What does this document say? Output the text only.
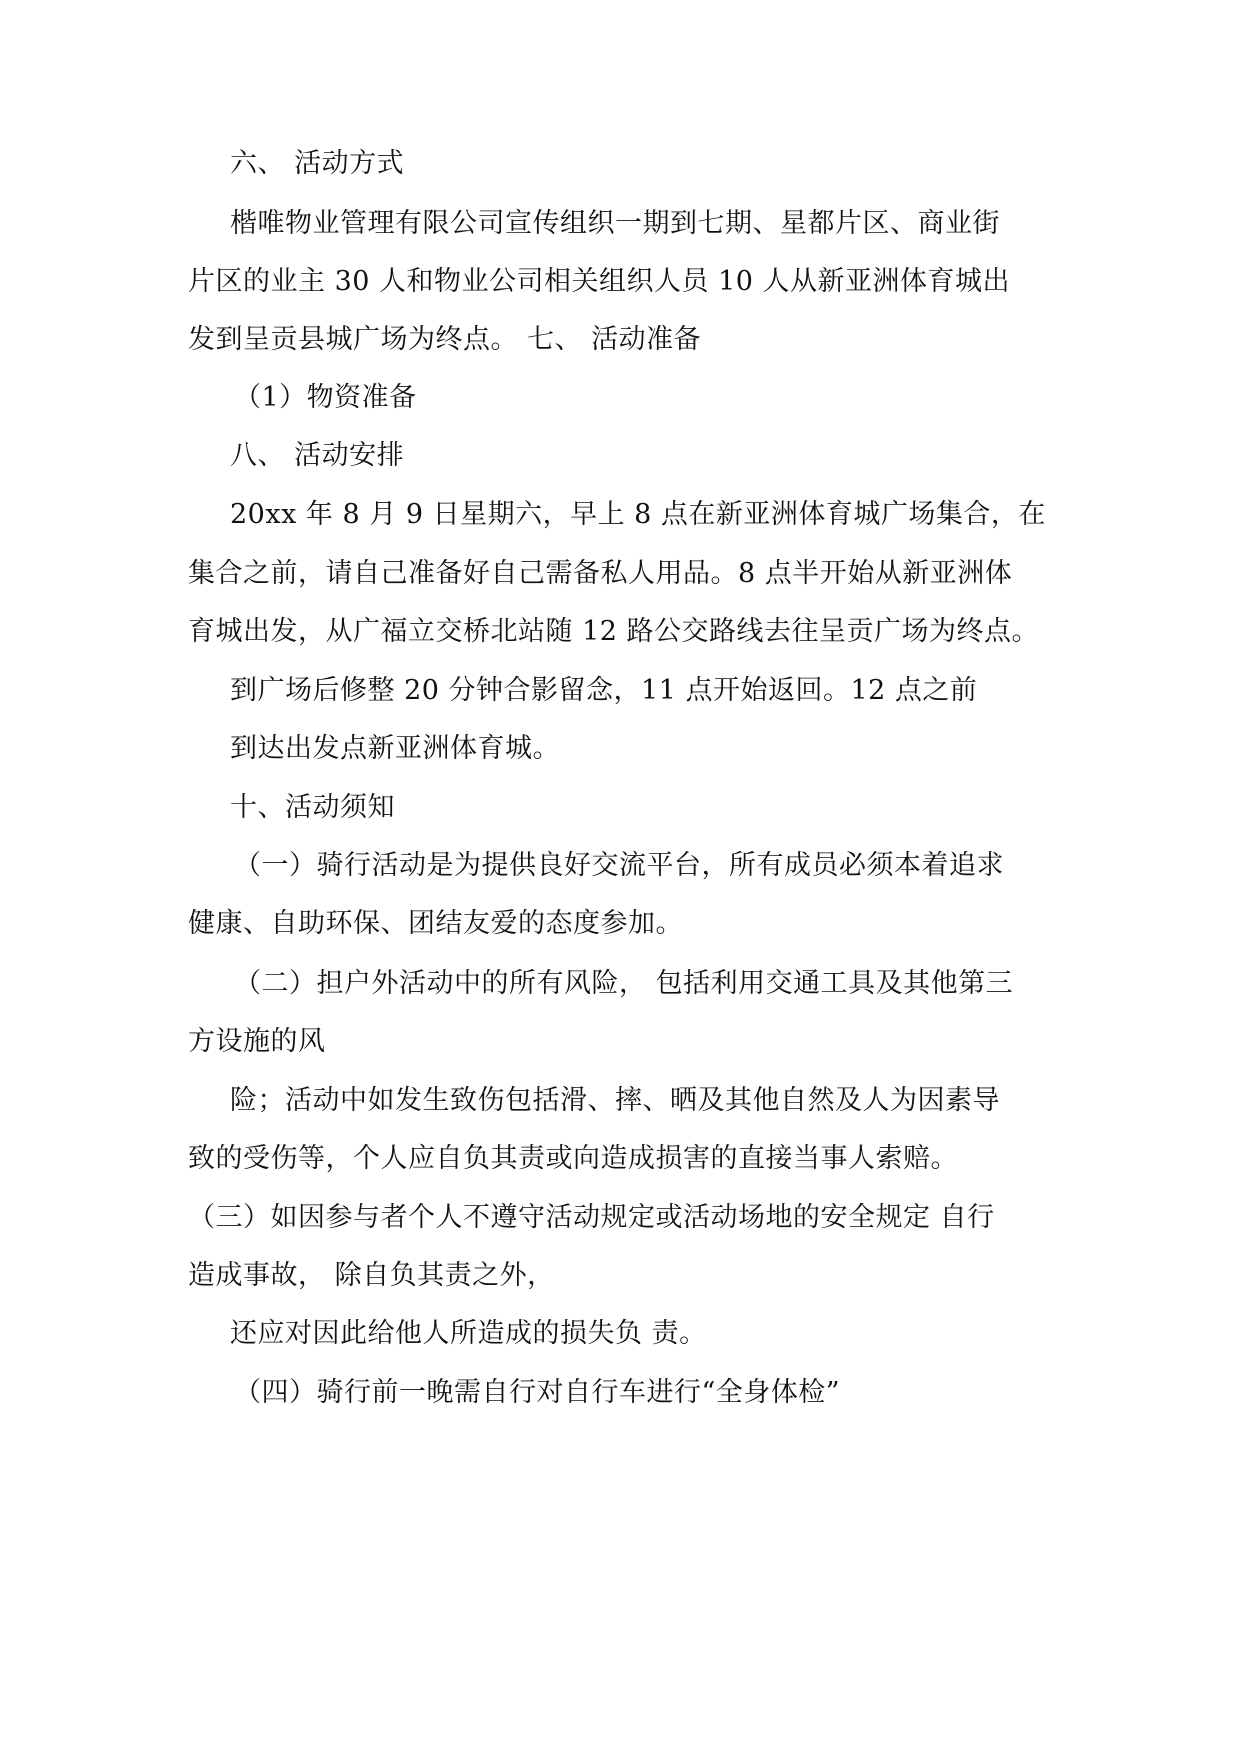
六、 活动方式
楷唯物业管理有限公司宣传组织一期到七期、星都片区、商业街
片区的业主 30 人和物业公司相关组织人员 10 人从新亚洲体育城出
发到呈贡县城广场为终点。 七、 活动准备
（1）物资准备
八、 活动安排
20xx 年 8 月 9 日星期六，早上 8 点在新亚洲体育城广场集合，在
集合之前，请自己准备好自己需备私人用品。8 点半开始从新亚洲体
育城出发，从广福立交桥北站随 12 路公交路线去往呈贡广场为终点。
到广场后修整 20 分钟合影留念，11 点开始返回。12 点之前
到达出发点新亚洲体育城。
十、活动须知
（一）骑行活动是为提供良好交流平台，所有成员必须本着追求
健康、自助环保、团结友爱的态度参加。
（二）担户外活动中的所有风险， 包括利用交通工具及其他第三
方设施的风
险；活动中如发生致伤包括滑、摔、晒及其他自然及人为因素导
致的受伤等，个人应自负其责或向造成损害的直接当事人索赔。
（三）如因参与者个人不遵守活动规定或活动场地的安全规定 自行
造成事故， 除自负其责之外，
还应对因此给他人所造成的损失负 责。
（四）骑行前一晚需自行对自行车进行“全身体检”
